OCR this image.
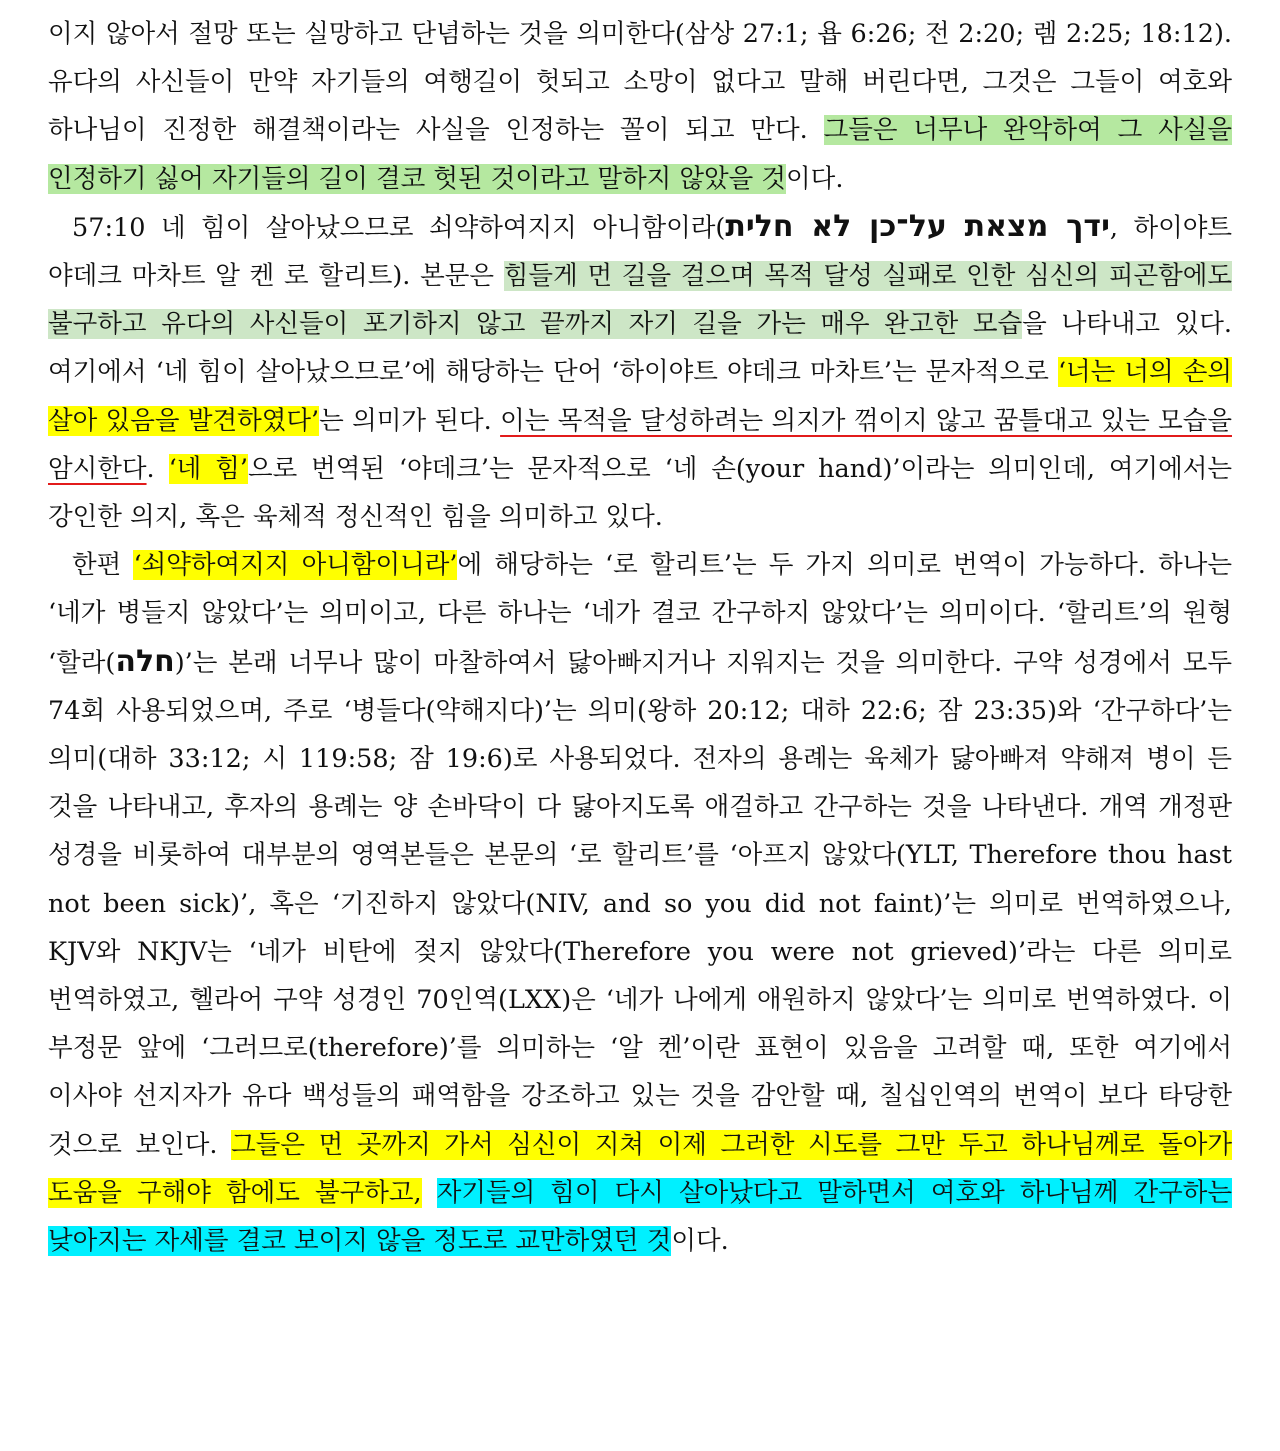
이지 않아서 절망 또는 실망하고 단념하는 것을 의미한다(삼상 27:1; 욥 6:26; 전 2:20; 렘 2:25; 18:12). 유다의 사신들이 만약 자기들의 여행길이 헛되고 소망이 없다고 말해 버린다면, 그것은 그들이 여호와 하나님이 진정한 해결책이라는 사실을 인정하는 꼴이 되고 만다. 그들은 너무나 완악하여 그 사실을 인정하기 싫어 자기들의 길이 결코 헛된 것이라고 말하지 않았을 것이다.

57:10 네 힘이 살아났으므로 쇠약하여지지 아니함이라(ידך מצאת על־כן לא חלית, 하이야트 야데크 마차트 알 켄 로 할리트). 본문은 힘들게 먼 길을 걸으며 목적 달성 실패로 인한 심신의 피곤함에도 불구하고 유다의 사신들이 포기하지 않고 끝까지 자기 길을 가는 매우 완고한 모습을 나타내고 있다. 여기에서 ‘네 힘이 살아났으므로’에 해당하는 단어 ‘하이야트 야데크 마차트’는 문자적으로 ‘너는 너의 손의 살아 있음을 발견하였다’는 의미가 된다. 이는 목적을 달성하려는 의지가 꺾이지 않고 꿈틀대고 있는 모습을 암시한다. ‘네 힘’으로 번역된 ‘야데크’는 문자적으로 ‘네 손(your hand)’이라는 의미인데, 여기에서는 강인한 의지, 혹은 육체적 정신적인 힘을 의미하고 있다.

한편 ‘쇠약하여지지 아니함이니라’에 해당하는 ‘로 할리트’는 두 가지 의미로 번역이 가능하다. 하나는 ‘네가 병들지 않았다’는 의미이고, 다른 하나는 ‘네가 결코 간구하지 않았다’는 의미이다. ‘할리트’의 원형 ‘할라(חלה)’는 본래 너무나 많이 마찰하여서 닳아빠지거나 지워지는 것을 의미한다. 구약 성경에서 모두 74회 사용되었으며, 주로 ‘병들다(약해지다)’는 의미(왕하 20:12; 대하 22:6; 잠 23:35)와 ‘간구하다’는 의미(대하 33:12; 시 119:58; 잠 19:6)로 사용되었다. 전자의 용례는 육체가 닳아빠져 약해져 병이 든 것을 나타내고, 후자의 용례는 양 손바닥이 다 닳아지도록 애걸하고 간구하는 것을 나타낸다. 개역 개정판 성경을 비롯하여 대부분의 영역본들은 본문의 ‘로 할리트’를 ‘아프지 않았다(YLT, Therefore thou hast not been sick)’, 혹은 ‘기진하지 않았다(NIV, and so you did not faint)’는 의미로 번역하였으나, KJV와 NKJV는 ‘네가 비탄에 젖지 않았다(Therefore you were not grieved)’라는 다른 의미로 번역하였고, 헬라어 구약 성경인 70인역(LXX)은 ‘네가 나에게 애원하지 않았다’는 의미로 번역하였다. 이 부정문 앞에 ‘그러므로(therefore)’를 의미하는 ‘알 켄’이란 표현이 있음을 고려할 때, 또한 여기에서 이사야 선지자가 유다 백성들의 패역함을 강조하고 있는 것을 감안할 때, 칠십인역의 번역이 보다 타당한 것으로 보인다. 그들은 먼 곳까지 가서 심신이 지쳐 이제 그러한 시도를 그만 두고 하나님께로 돌아가 도움을 구해야 함에도 불구하고, 자기들의 힘이 다시 살아났다고 말하면서 여호와 하나님께 간구하는 낮아지는 자세를 결코 보이지 않을 정도로 교만하였던 것이다.
